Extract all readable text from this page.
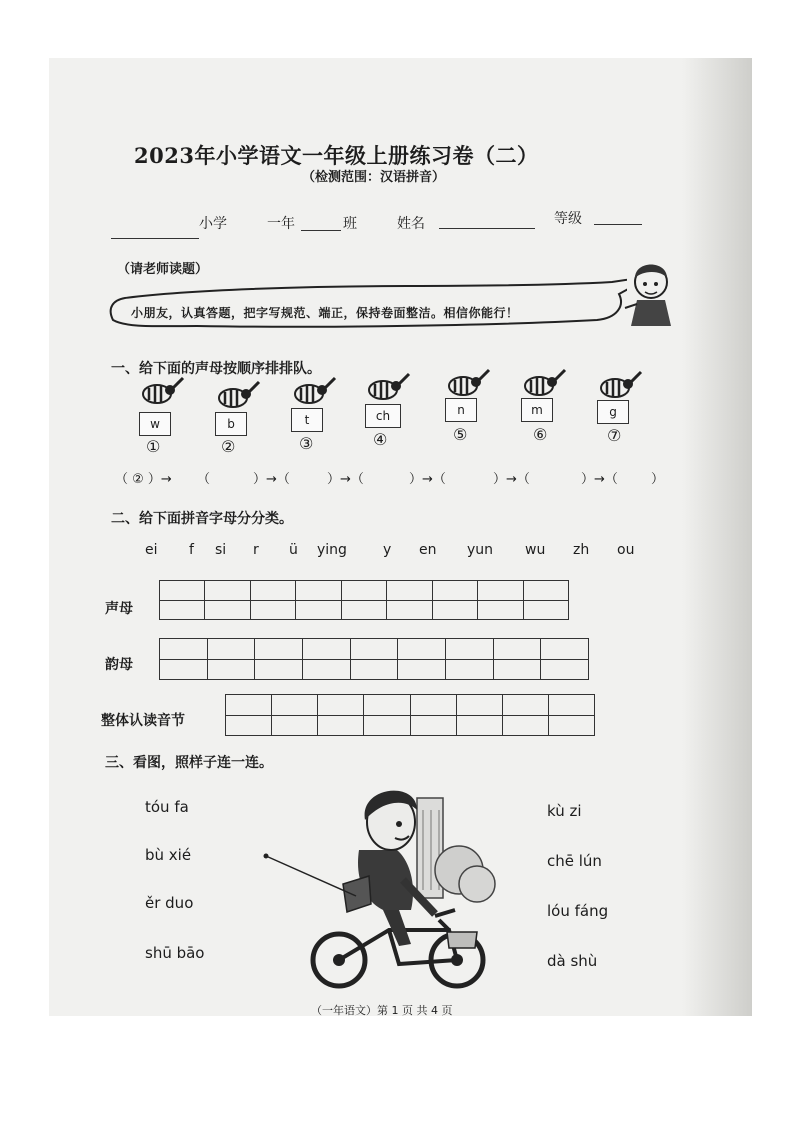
2023年小学语文一年级上册练习卷（二）
（检测范围：汉语拼音）
小学	一年	班	姓名	等级
（请老师读题）
小朋友，认真答题，把字写规范、端正，保持卷面整洁。相信你能行！
一、给下面的声母按顺序排排队。
w
①
b
②
t
③
ch
④
n
⑤
m
⑥
g
⑦
（ ② ）→ （	）→（	）→（	）→（	）→（	）→（	）
二、给下面拼音字母分分类。
ei f si r ü ying	y en yun wu zh ou
声母

韵母

整体认读音节

三、看图，照样子连一连。
tóu fa
bù xié
ěr duo
shū bāo
kù zi
chē lún
lóu fáng
dà shù
（一年语文）第 1 页 共 4 页
